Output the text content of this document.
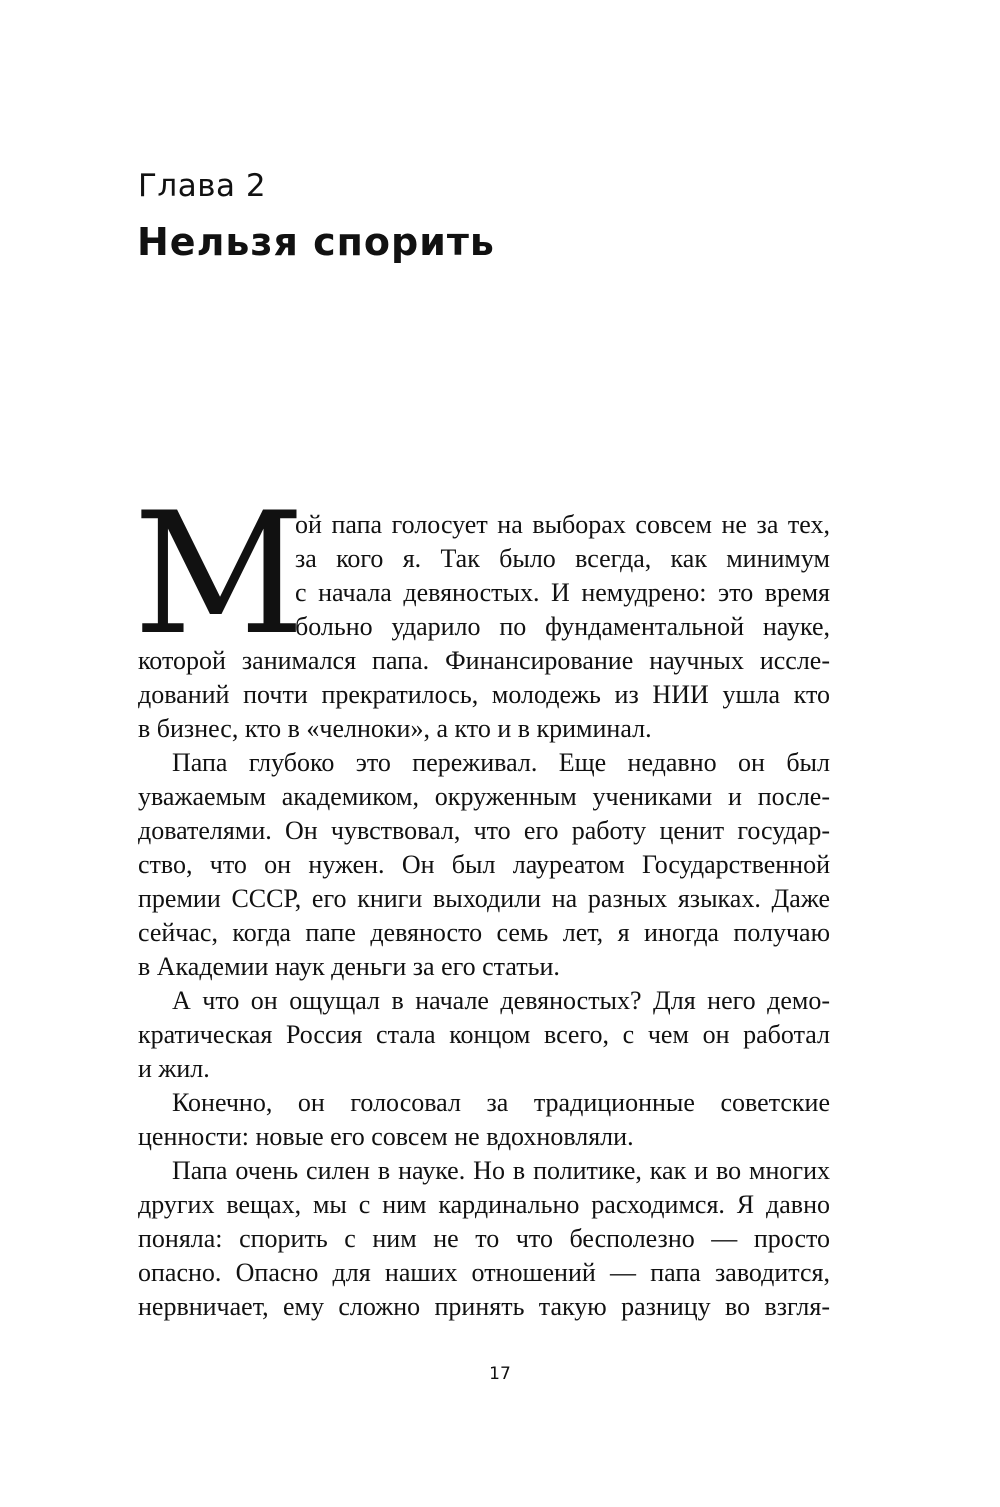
Глава 2
Нельзя спорить
М
ой папа голосует на выборах совсем не за тех,
за кого я. Так было всегда, как минимум
с начала девяностых. И немудрено: это время
больно ударило по фундаментальной науке,
которой занимался папа. Финансирование научных иссле-
дований почти прекратилось, молодежь из НИИ ушла кто
в бизнес, кто в «челноки», а кто и в криминал.
Папа глубоко это переживал. Еще недавно он был
уважаемым академиком, окруженным учениками и после-
дователями. Он чувствовал, что его работу ценит государ-
ство, что он нужен. Он был лауреатом Государственной
премии СССР, его книги выходили на разных языках. Даже
сейчас, когда папе девяносто семь лет, я иногда получаю
в Академии наук деньги за его статьи.
А что он ощущал в начале девяностых? Для него демо-
кратическая Россия стала концом всего, с чем он работал
и жил.
Конечно, он голосовал за традиционные советские
ценности: новые его совсем не вдохновляли.
Папа очень силен в науке. Но в политике, как и во многих
других вещах, мы с ним кардинально расходимся. Я давно
поняла: спорить с ним не то что бесполезно — просто
опасно. Опасно для наших отношений — папа заводится,
нервничает, ему сложно принять такую разницу во взгля-
17
